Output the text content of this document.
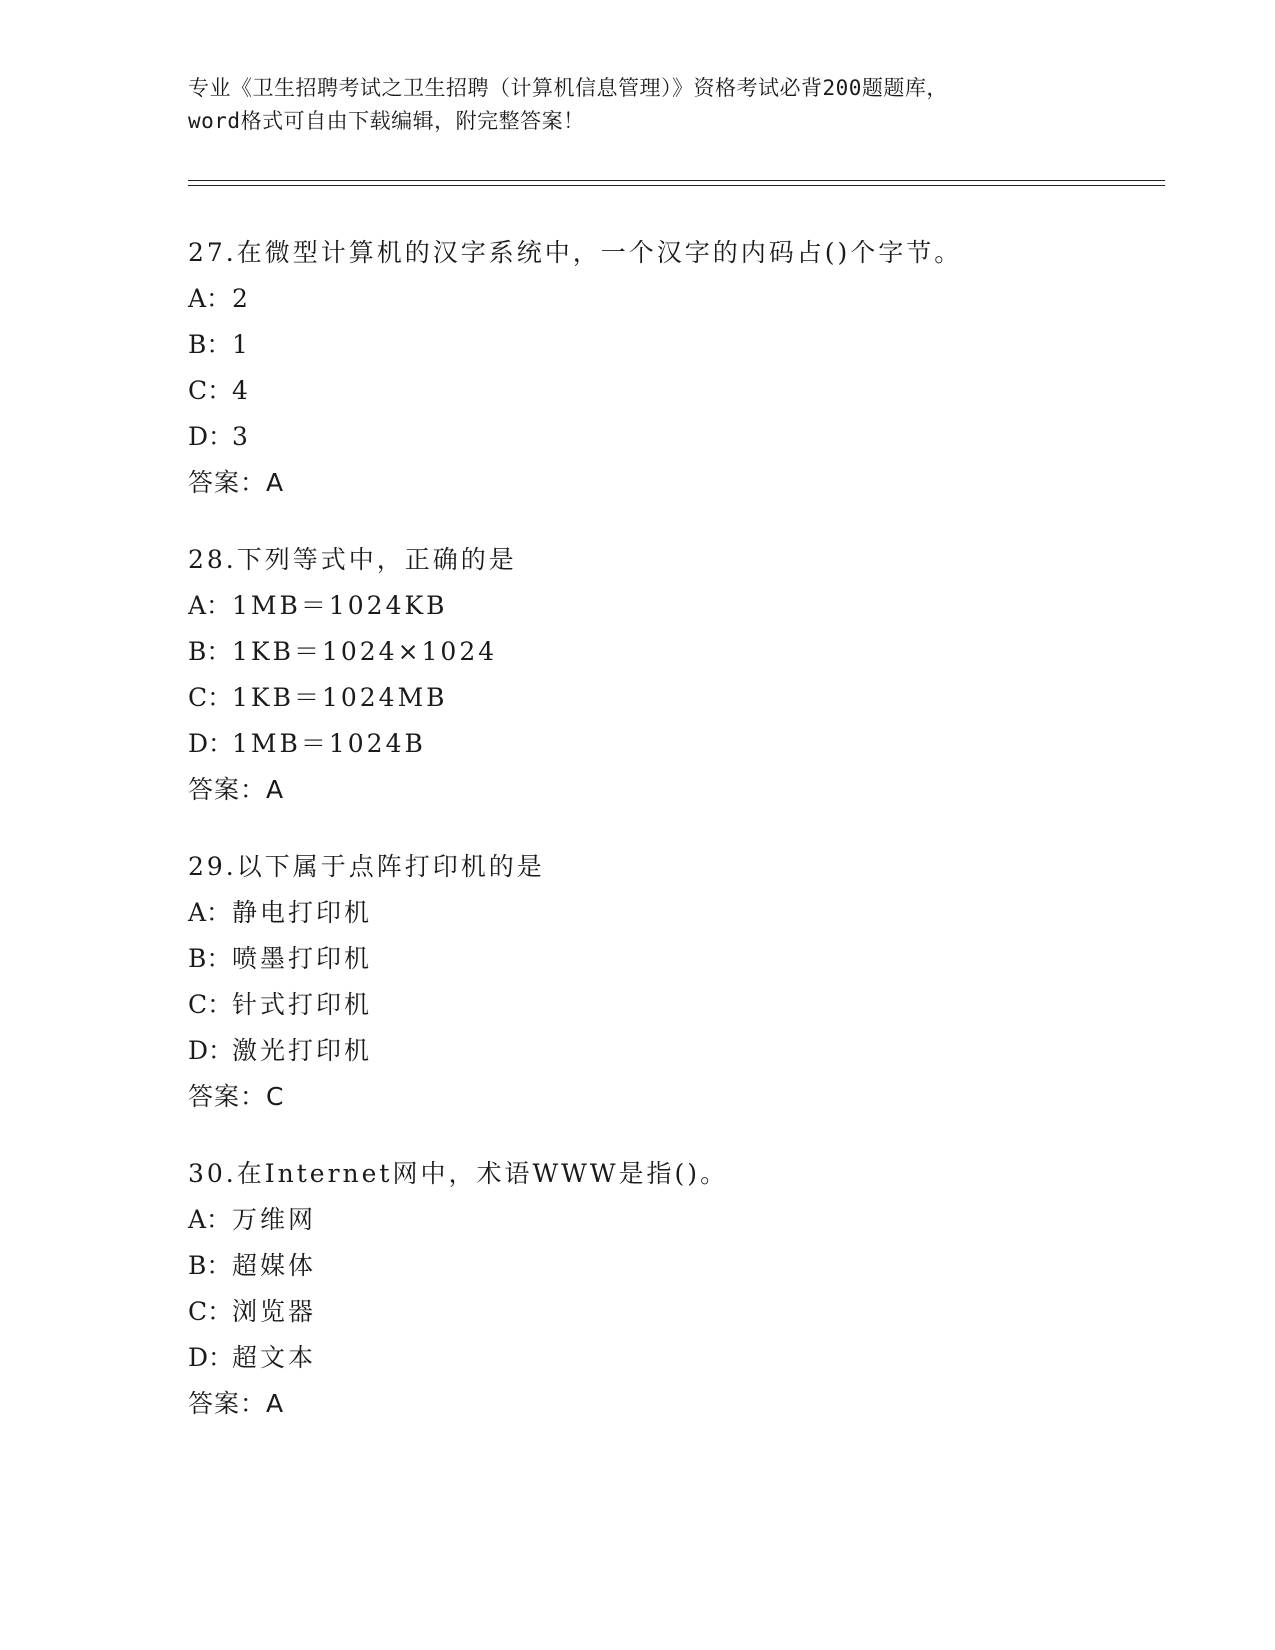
专业《卫生招聘考试之卫生招聘（计算机信息管理）》资格考试必背200题题库，
word格式可自由下载编辑，附完整答案！
27.在微型计算机的汉字系统中，一个汉字的内码占()个字节。
A：2
B：1
C：4
D：3
答案：A
28.下列等式中，正确的是
A：1MB＝1024KB
B：1KB＝1024×1024
C：1KB＝1024MB
D：1MB＝1024B
答案：A
29.以下属于点阵打印机的是
A：静电打印机
B：喷墨打印机
C：针式打印机
D：激光打印机
答案：C
30.在Internet网中，术语WWW是指()。
A：万维网
B：超媒体
C：浏览器
D：超文本
答案：A
